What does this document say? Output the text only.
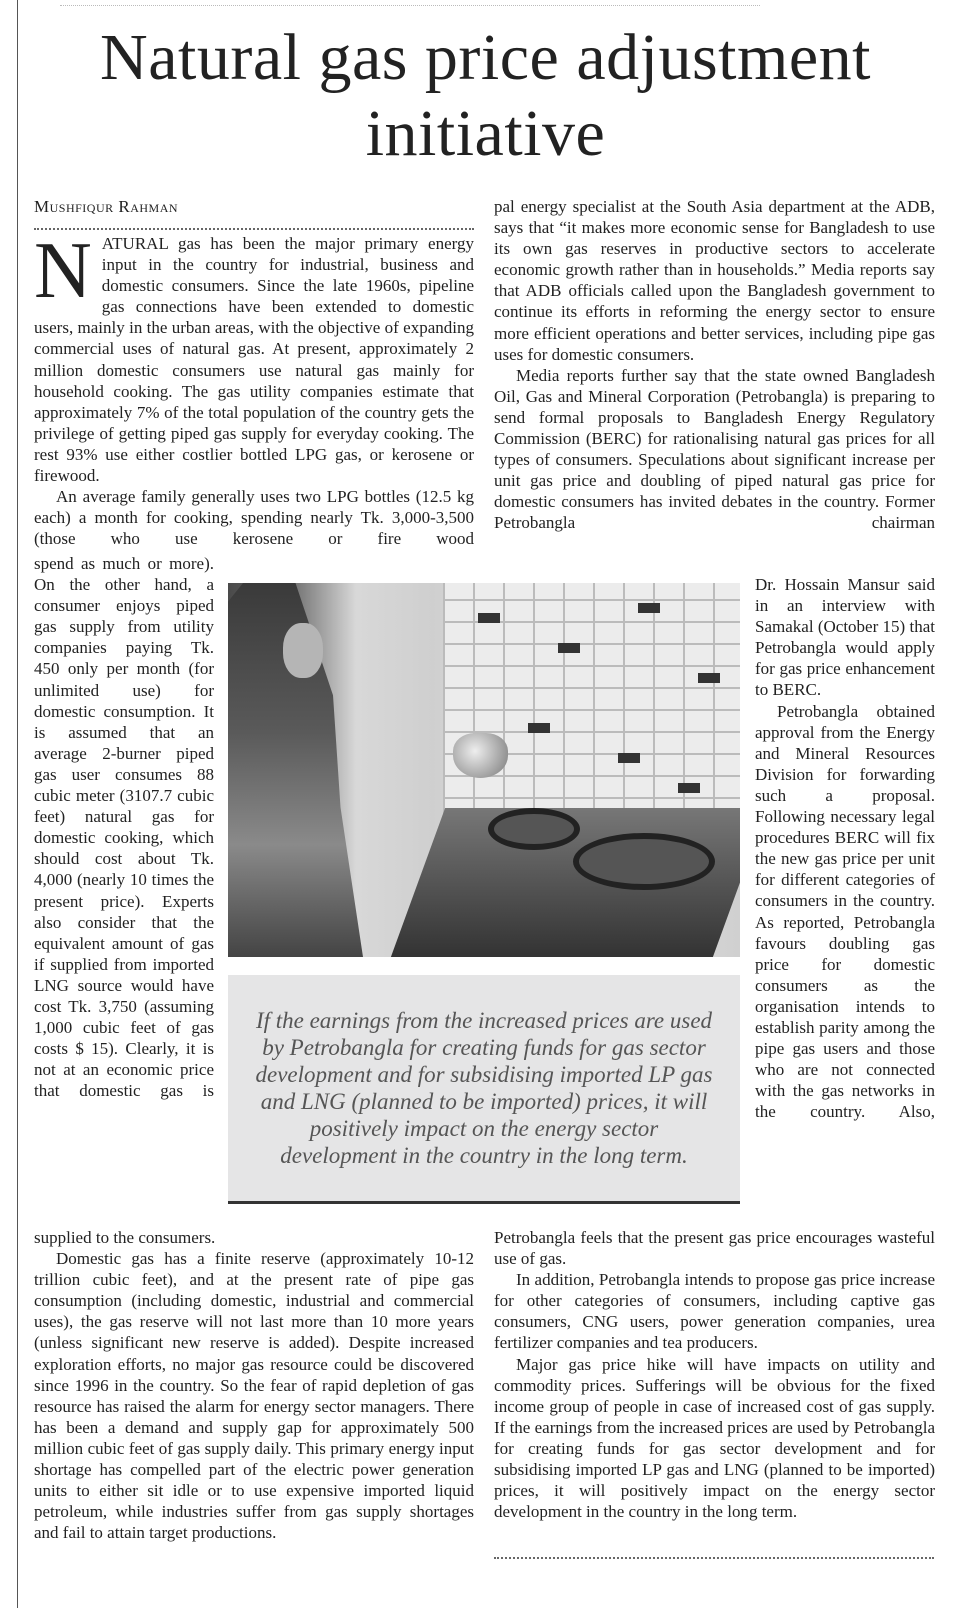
Natural gas price adjustment initiative
Mushfiqur Rahman

NATURAL gas has been the major primary energy input in the country for industrial, business and domestic consumers. Since the late 1960s, pipeline gas connections have been extended to domestic users, mainly in the urban areas, with the objective of expanding commercial uses of natural gas. At present, approximately 2 million domestic consumers use natural gas mainly for household cooking. The gas utility companies estimate that approximately 7% of the total population of the country gets the privilege of getting piped gas supply for everyday cooking. The rest 93% use either costlier bottled LPG gas, or kerosene or firewood.

An average family generally uses two LPG bottles (12.5 kg each) a month for cooking, spending nearly Tk. 3,000-3,500 (those who use kerosene or fire wood

spend as much or more). On the other hand, a consumer enjoys piped gas supply from utility companies paying Tk. 450 only per month (for unlimited use) for domestic consumption. It is assumed that an average 2-burner piped gas user consumes 88 cubic meter (3107.7 cubic feet) natural gas for domestic cooking, which should cost about Tk. 4,000 (nearly 10 times the present price). Experts also consider that the equivalent amount of gas if supplied from imported LNG source would have cost Tk. 3,750 (assuming 1,000 cubic feet of gas costs $ 15). Clearly, it is not at an economic price that domestic gas is

supplied to the consumers.

Domestic gas has a finite reserve (approximately 10-12 trillion cubic feet), and at the present rate of pipe gas consumption (including domestic, industrial and commercial uses), the gas reserve will not last more than 10 more years (unless significant new reserve is added). Despite increased exploration efforts, no major gas resource could be discovered since 1996 in the country. So the fear of rapid depletion of gas resource has raised the alarm for energy sector managers. There has been a demand and supply gap for approximately 500 million cubic feet of gas supply daily. This primary energy input shortage has compelled part of the electric power generation units to either sit idle or to use expensive imported liquid petroleum, while industries suffer from gas supply shortages and fail to attain target productions.

pal energy specialist at the South Asia department at the ADB, says that “it makes more economic sense for Bangladesh to use its own gas reserves in productive sectors to accelerate economic growth rather than in households.” Media reports say that ADB officials called upon the Bangladesh government to continue its efforts in reforming the energy sector to ensure more efficient operations and better services, including pipe gas uses for domestic consumers.

Media reports further say that the state owned Bangladesh Oil, Gas and Mineral Corporation (Petrobangla) is preparing to send formal proposals to Bangladesh Energy Regulatory Commission (BERC) for rationalising natural gas prices for all types of consumers. Speculations about significant increase per unit gas price and doubling of piped natural gas price for domestic consumers has invited debates in the country. Former Petrobangla chairman

Dr. Hossain Mansur said in an interview with Samakal (October 15) that Petrobangla would apply for gas price enhancement to BERC.

Petrobangla obtained approval from the Energy and Mineral Resources Division for forwarding such a proposal. Following necessary legal procedures BERC will fix the new gas price per unit for different categories of consumers in the country. As reported, Petrobangla favours doubling gas price for domestic consumers as the organisation intends to establish parity among the pipe gas users and those who are not connected with the gas networks in the country. Also,

Petrobangla feels that the present gas price encourages wasteful use of gas.

In addition, Petrobangla intends to propose gas price increase for other categories of consumers, including captive gas consumers, CNG users, power generation companies, urea fertilizer companies and tea producers.

Major gas price hike will have impacts on utility and commodity prices. Sufferings will be obvious for the fixed income group of people in case of increased cost of gas supply. If the earnings from the increased prices are used by Petrobangla for creating funds for gas sector development and for subsidising imported LP gas and LNG (planned to be imported) prices, it will positively impact on the energy sector development in the country in the long term.

If the earnings from the increased prices are used by Petrobangla for creating funds for gas sector development and for subsidising imported LP gas and LNG (planned to be imported) prices, it will positively impact on the energy sector development in the country in the long term.
